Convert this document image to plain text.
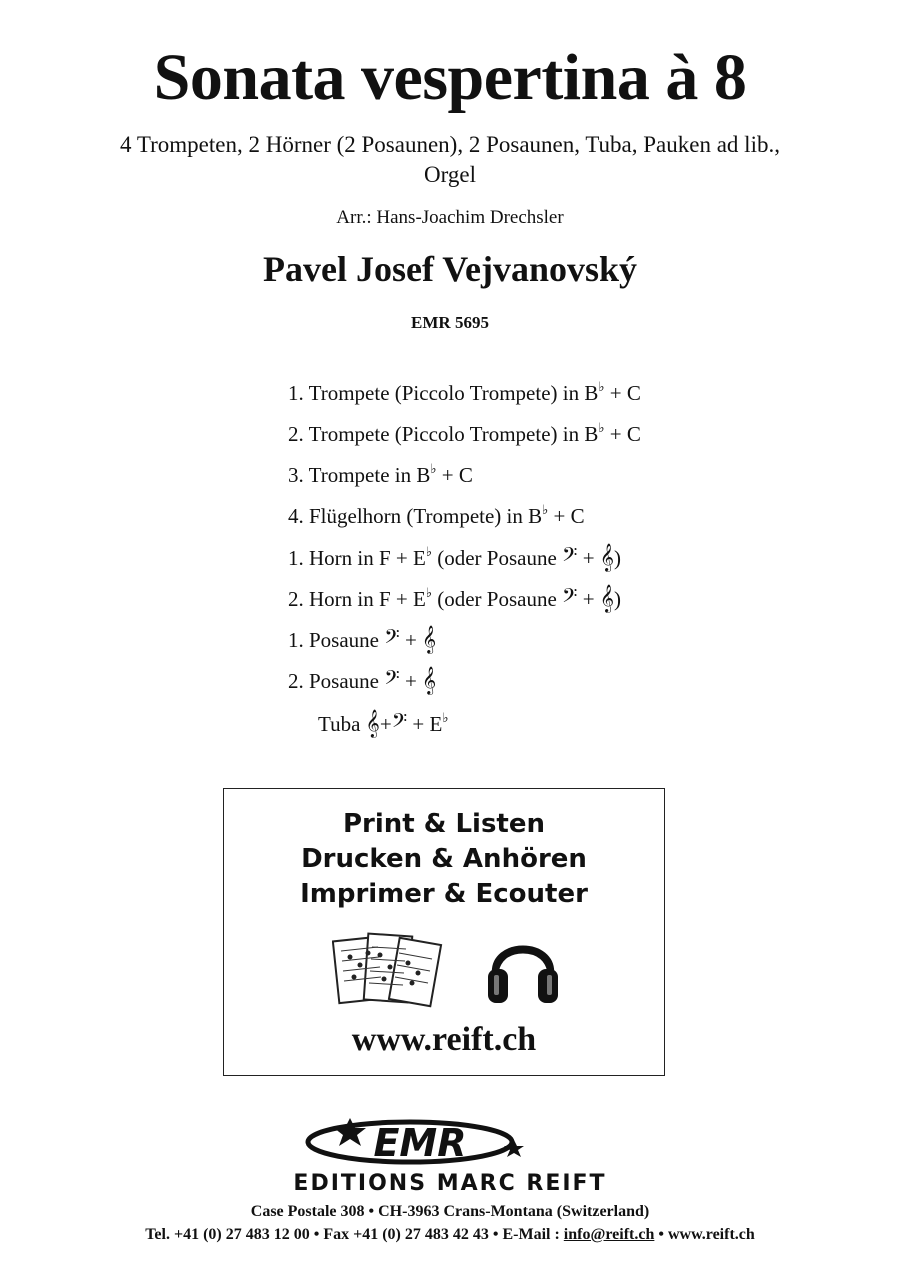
Sonata vespertina à 8
4 Trompeten, 2 Hörner (2 Posaunen), 2 Posaunen, Tuba, Pauken ad lib.,
Orgel
Arr.: Hans-Joachim Drechsler
Pavel Josef Vejvanovský
EMR 5695
1. Trompete (Piccolo Trompete) in B♭ + C
2. Trompete (Piccolo Trompete) in B♭ + C
3. Trompete in B♭ + C
4. Flügelhorn (Trompete) in B♭ + C
1. Horn in F + E♭ (oder Posaune 𝄢 + 𝄞)
2. Horn in F + E♭ (oder Posaune 𝄢 + 𝄞)
1. Posaune 𝄢 + 𝄞
2. Posaune 𝄢 + 𝄞
Tuba 𝄞+𝄢 + E♭
Print & Listen
Drucken & Anhören
Imprimer & Ecouter
www.reift.ch
EMR
EDITIONS MARC REIFT
Case Postale 308 • CH-3963 Crans-Montana (Switzerland)
Tel. +41 (0) 27 483 12 00 • Fax +41 (0) 27 483 42 43 • E-Mail : info@reift.ch • www.reift.ch
